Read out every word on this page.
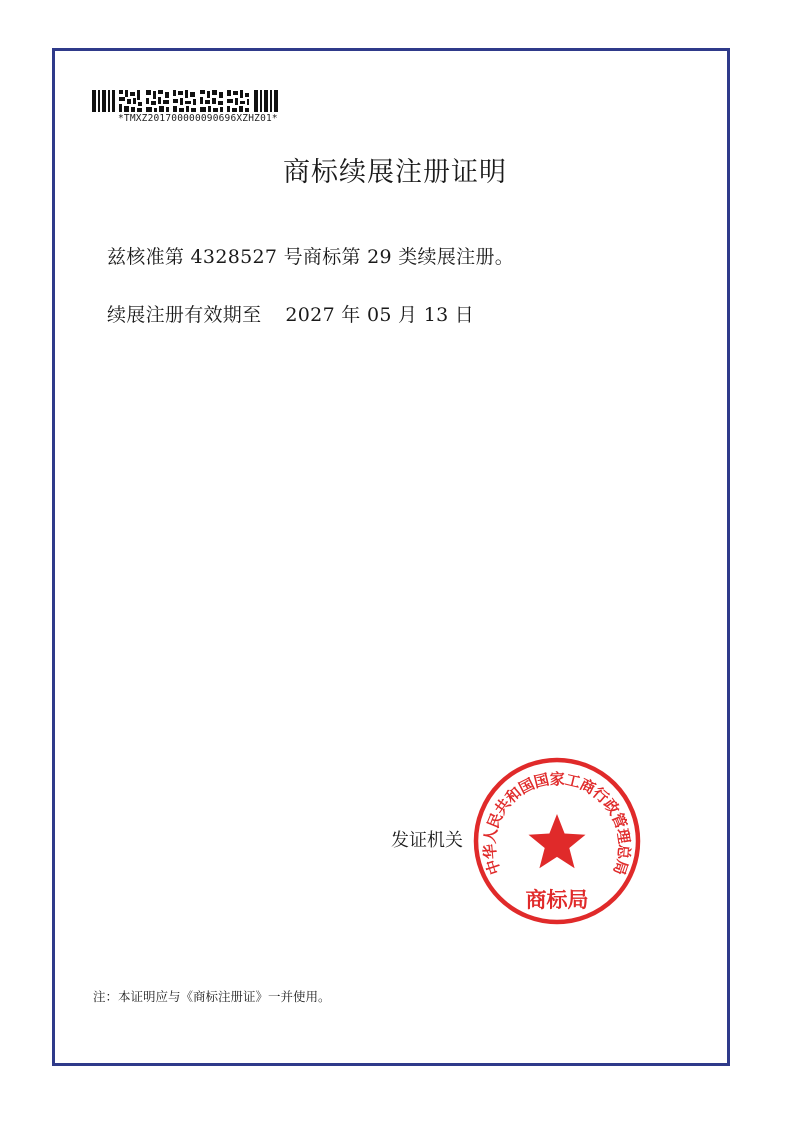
*TMXZ201700000090696XZHZ01*
商标续展注册证明
兹核准第 4328527 号商标第 29 类续展注册。
续展注册有效期至 2027 年 05 月 13 日
发证机关
中华人民共和国国家工商行政管理总局
商标局
注：本证明应与《商标注册证》一并使用。
